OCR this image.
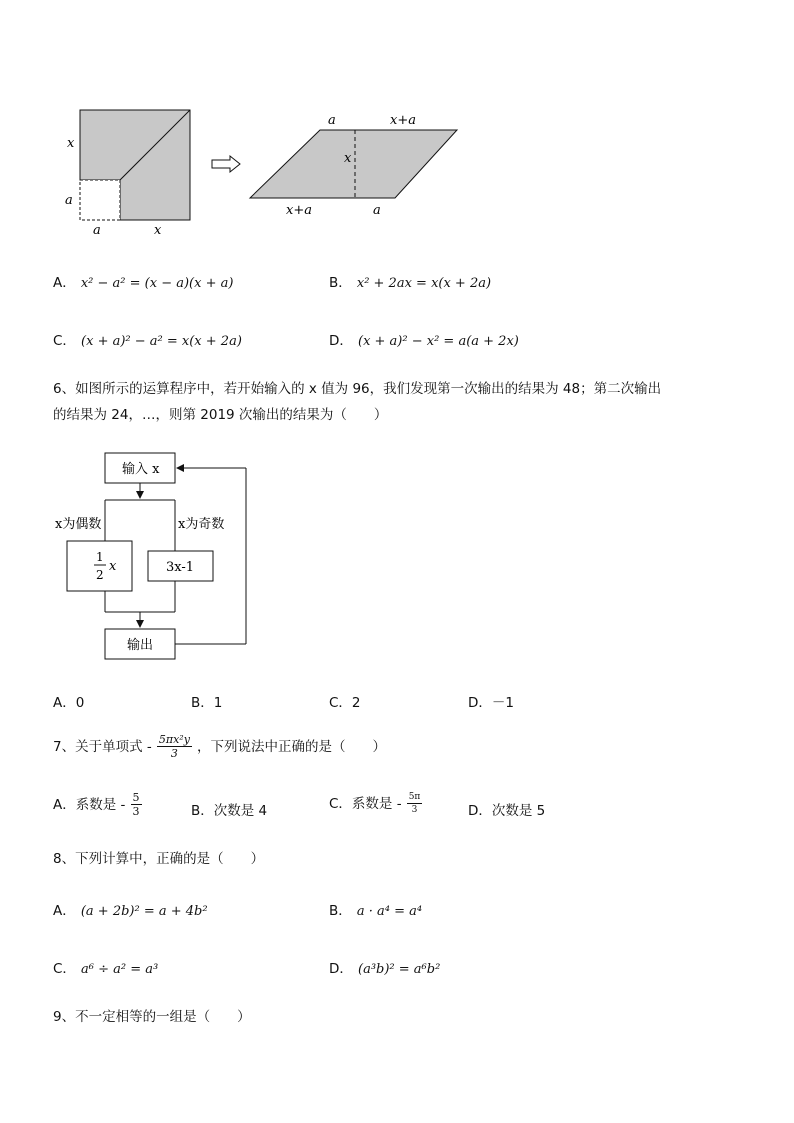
x
a
a	x
a	x+a
x
x+a	a
A． x² − a² = (x − a)(x + a)	B． x² + 2ax = x(x + 2a)
C． (x + a)² − a² = x(x + 2a)	D． (x + a)² − x² = a(a + 2x)
6、如图所示的运算程序中，若开始输入的 x 值为 96，我们发现第一次输出的结果为 48；第二次输出
的结果为 24，…，则第 2019 次输出的结果为（　　）
输入 x
x为偶数	x为奇数
1
2
x	3x-1
输出
A．0	B．1	C．2	D．－1
7、关于单项式 - $\frac{\text{5πx²y}}{3}$ ，下列说法中正确的是（　　）
A．系数是 - $\frac{5}{3}$	B．次数是 4	C．系数是 - $\frac{5\pi}{3}$	D．次数是 5
8、下列计算中，正确的是（　　）
A． (a + 2b)² = a + 4b²	B． a · a⁴ = a⁴
C． a⁶ ÷ a² = a³	D． (a³b)² = a⁶b²
9、不一定相等的一组是（　　）
